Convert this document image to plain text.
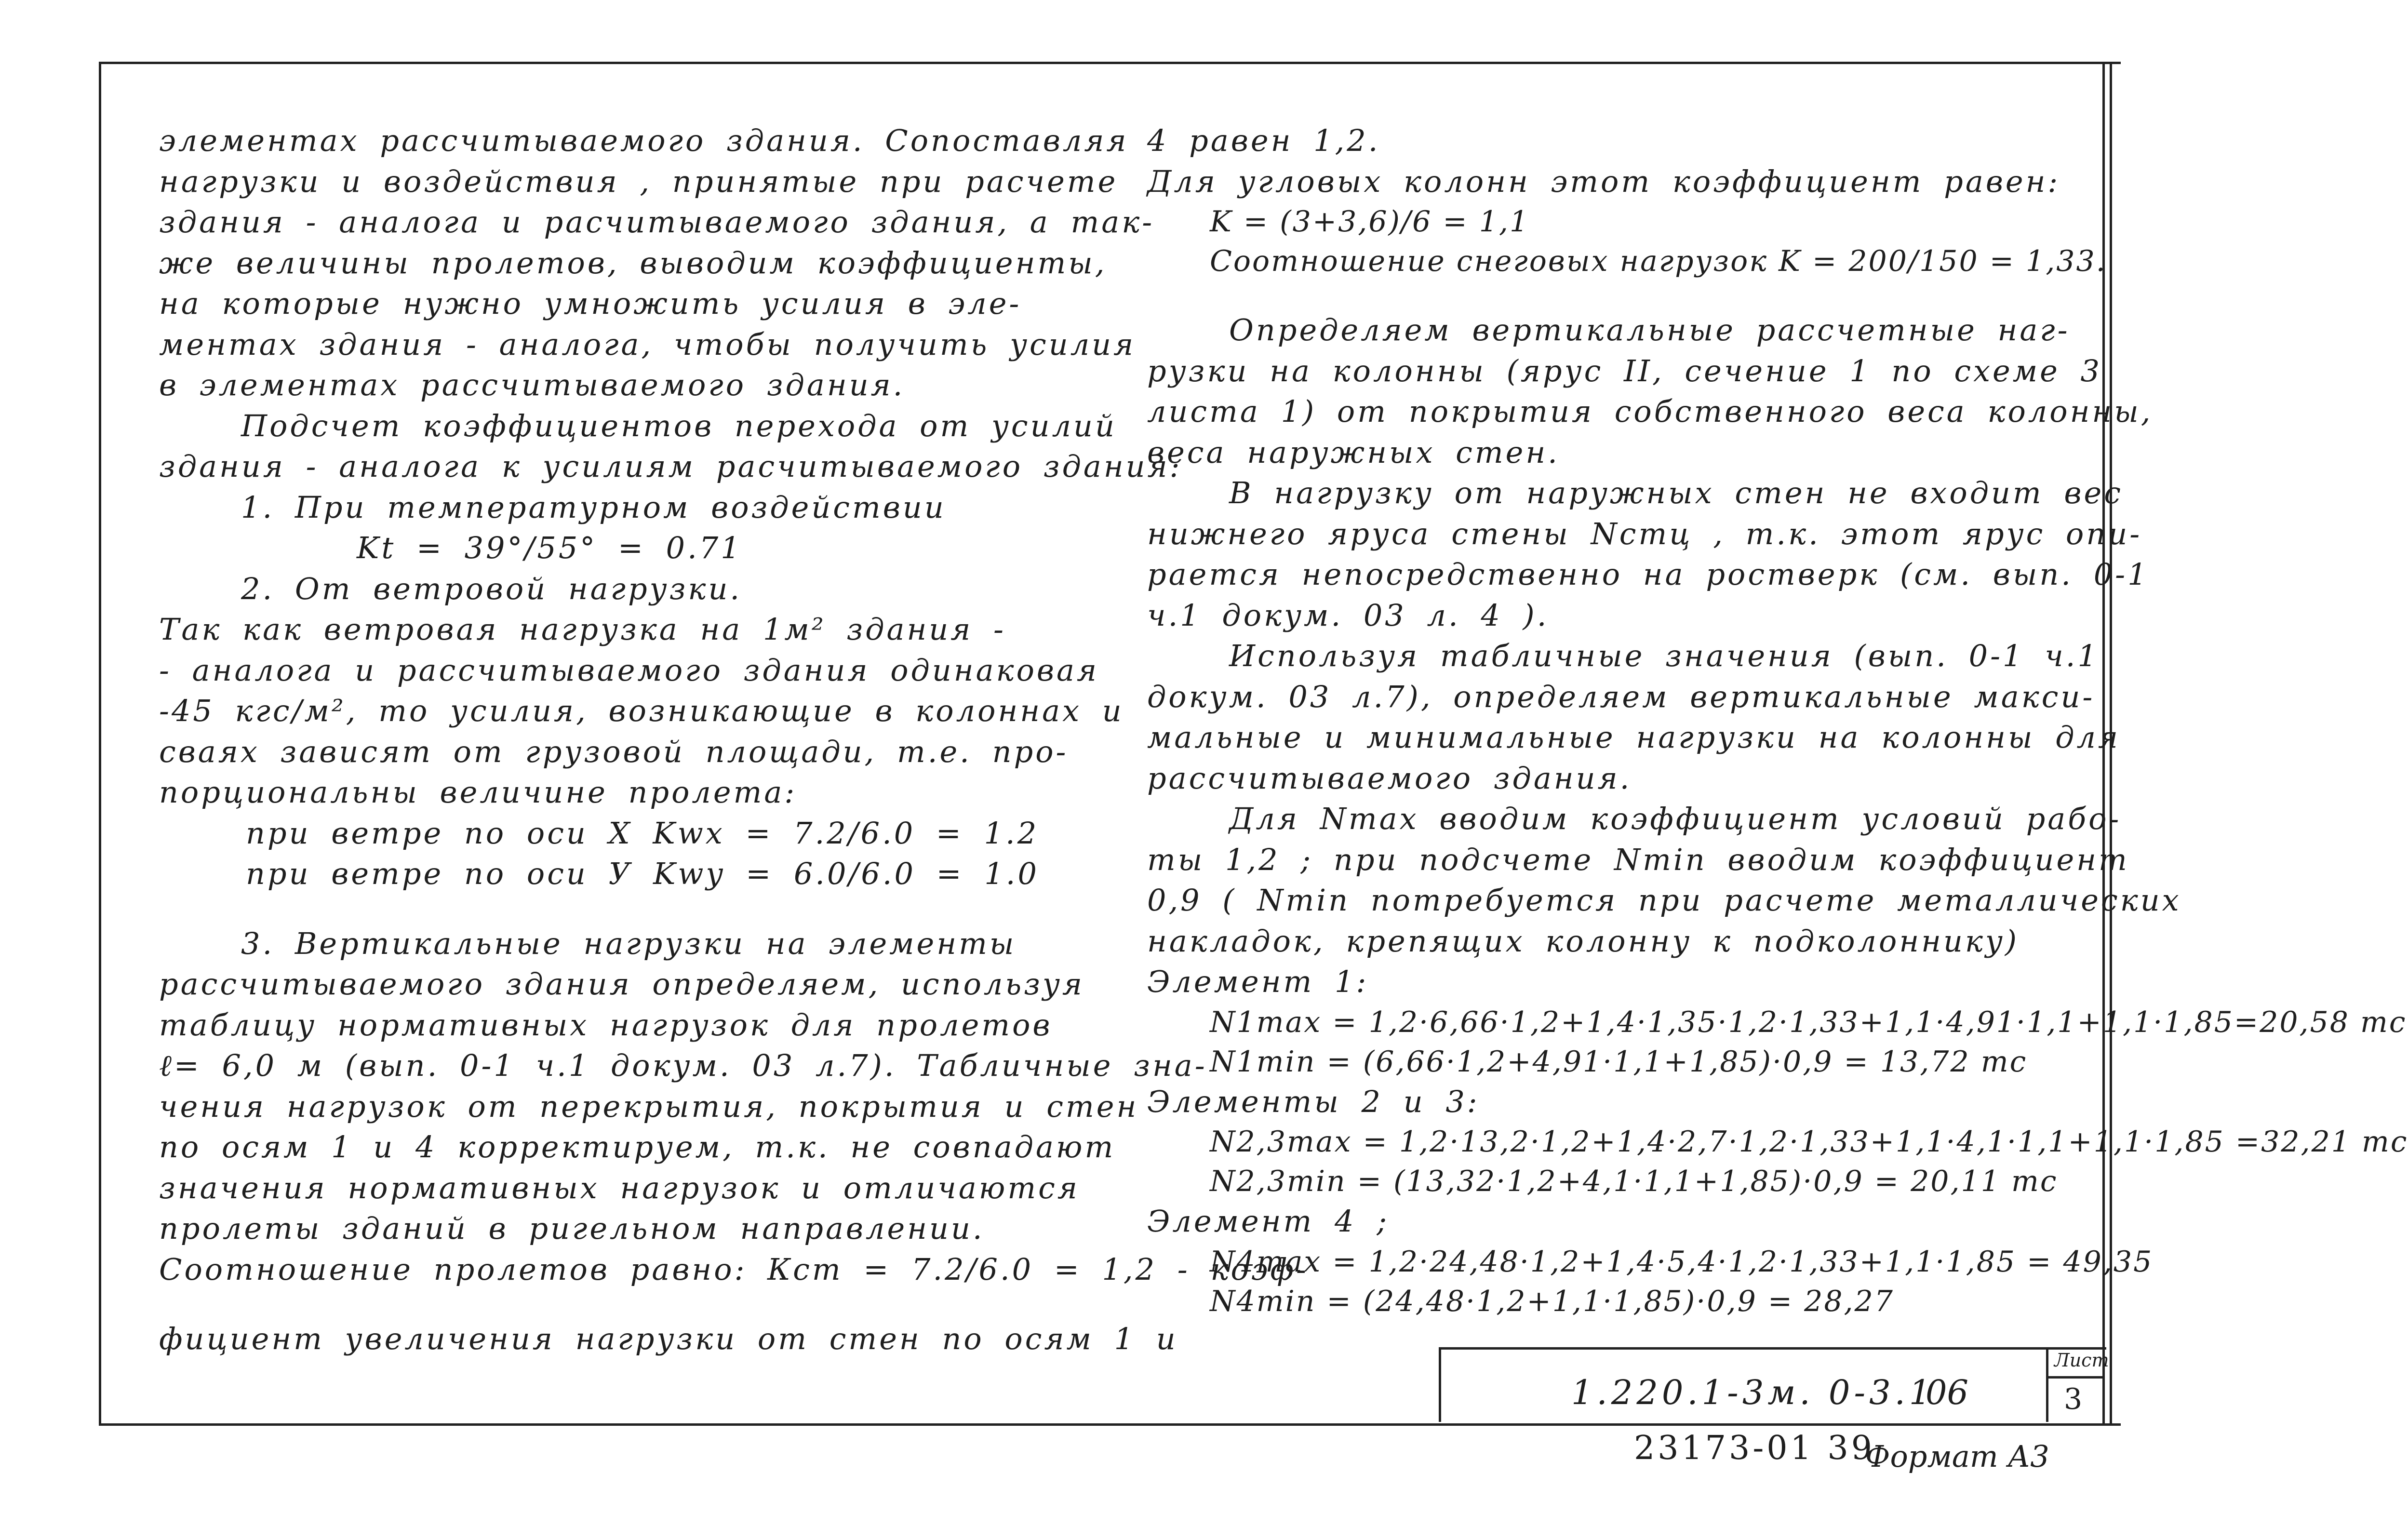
элементах рассчитываемого здания. Сопоставляя
нагрузки и воздействия , принятые при расчете
здания - аналога и расчитываемого здания, а так-
же величины пролетов, выводим коэффициенты,
на которые нужно умножить усилия в эле-
ментах здания - аналога, чтобы получить усилия
в элементах рассчитываемого здания.
Подсчет коэффициентов перехода от усилий
здания - аналога к усилиям расчитываемого здания:
1. При температурном воздействии
Kt = 39°/55° = 0.71
2. От ветровой нагрузки.
Так как ветровая нагрузка на 1м² здания -
- аналога и рассчитываемого здания одинаковая
-45 кгс/м², то усилия, возникающие в колоннах и
сваях зависят от грузовой площади, т.е. про-
порциональны величине пролета:
при ветре по оси X Kwx = 7.2/6.0 = 1.2
при ветре по оси У Kwy = 6.0/6.0 = 1.0
3. Вертикальные нагрузки на элементы
рассчитываемого здания определяем, используя
таблицу нормативных нагрузок для пролетов
ℓ= 6,0 м (вып. 0-1 ч.1 докум. 03 л.7). Табличные зна-
чения нагрузок от перекрытия, покрытия и стен
по осям 1 и 4 корректируем, т.к. не совпадают
значения нормативных нагрузок и отличаются
пролеты зданий в ригельном направлении.
Соотношение пролетов равно: Кст = 7.2/6.0 = 1,2 - коэф-
фициент увеличения нагрузки от стен по осям 1 и
4 равен 1,2.
Для угловых колонн этот коэффициент равен:
K = (3+3,6)/6 = 1,1
Соотношение снеговых нагрузок K = 200/150 = 1,33.
Определяем вертикальные рассчетные наг-
рузки на колонны (ярус II, сечение 1 по схеме 3
листа 1) от покрытия собственного веса колонны,
веса наружных стен.
В нагрузку от наружных стен не входит вес
нижнего яруса стены Nстц , т.к. этот ярус опи-
рается непосредственно на ростверк (см. вып. 0-1
ч.1 докум. 03 л. 4 ).
Используя табличные значения (вып. 0-1 ч.1
докум. 03 л.7), определяем вертикальные макси-
мальные и минимальные нагрузки на колонны для
рассчитываемого здания.
Для Nmax вводим коэффициент условий рабо-
ты 1,2 ; при подсчете Nmin вводим коэффициент
0,9 ( Nmin потребуется при расчете металлических
накладок, крепящих колонну к подколоннику)
Элемент 1:
N1max = 1,2·6,66·1,2+1,4·1,35·1,2·1,33+1,1·4,91·1,1+1,1·1,85=20,58 тс
N1min = (6,66·1,2+4,91·1,1+1,85)·0,9 = 13,72 тс
Элементы 2 и 3:
N2,3max = 1,2·13,2·1,2+1,4·2,7·1,2·1,33+1,1·4,1·1,1+1,1·1,85 =32,21 тс
N2,3min = (13,32·1,2+4,1·1,1+1,85)·0,9 = 20,11 тс
Элемент 4 ;
N4max = 1,2·24,48·1,2+1,4·5,4·1,2·1,33+1,1·1,85 = 49,35
N4min = (24,48·1,2+1,1·1,85)·0,9 = 28,27
1.220.1-3м. 0-3.1
06
Лист
3
23173-01 39
Формат А3
